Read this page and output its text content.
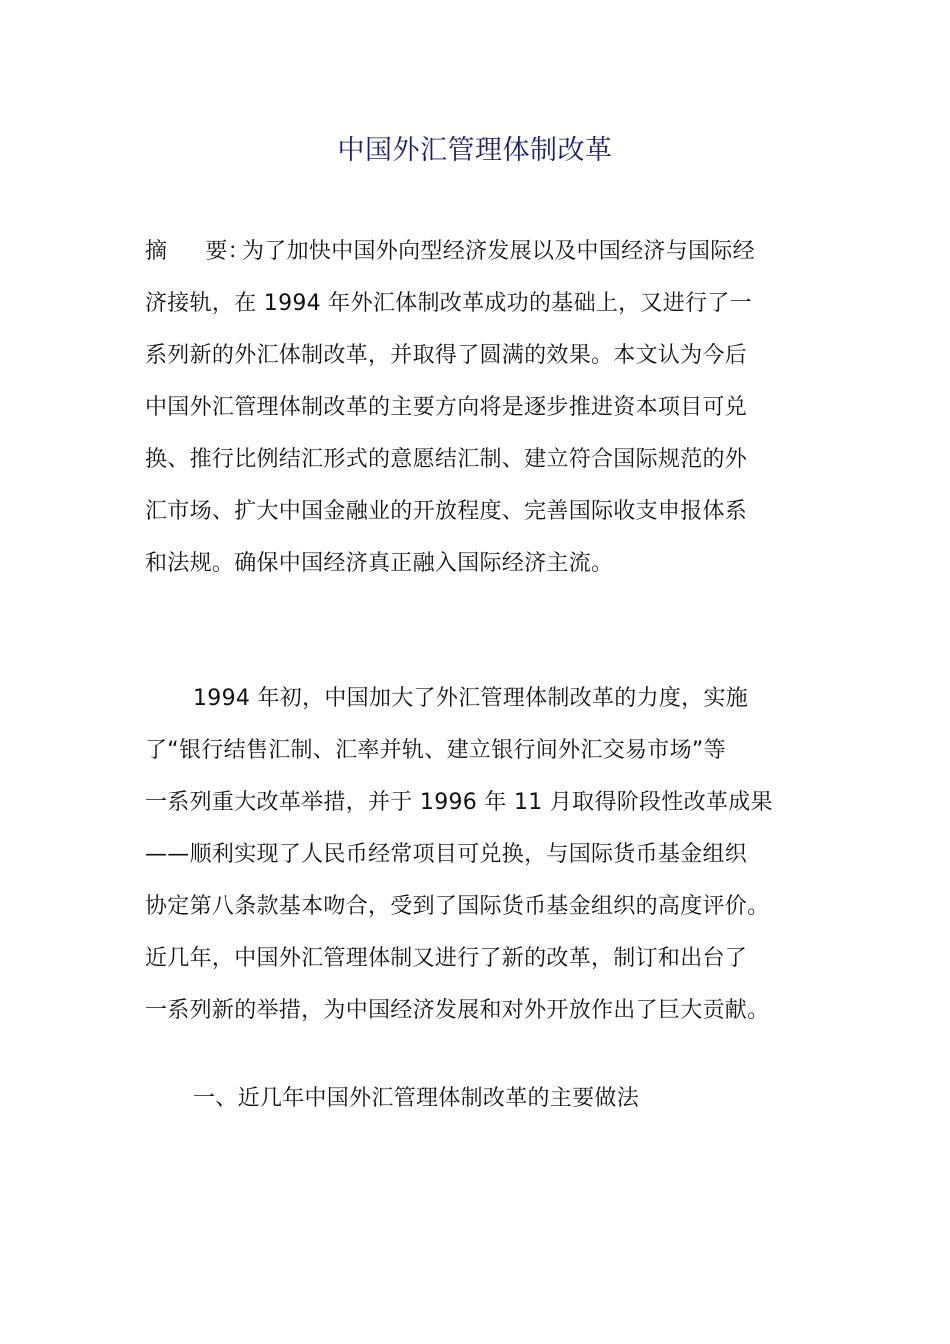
中国外汇管理体制改革
摘 要：为了加快中国外向型经济发展以及中国经济与国际经
济接轨，在 1994 年外汇体制改革成功的基础上，又进行了一
系列新的外汇体制改革，并取得了圆满的效果。本文认为今后
中国外汇管理体制改革的主要方向将是逐步推进资本项目可兑
换、推行比例结汇形式的意愿结汇制、建立符合国际规范的外
汇市场、扩大中国金融业的开放程度、完善国际收支申报体系
和法规。确保中国经济真正融入国际经济主流。
1994 年初，中国加大了外汇管理体制改革的力度，实施
了“银行结售汇制、汇率并轨、建立银行间外汇交易市场”等
一系列重大改革举措，并于 1996 年 11 月取得阶段性改革成果
——顺利实现了人民币经常项目可兑换，与国际货币基金组织
协定第八条款基本吻合，受到了国际货币基金组织的高度评价。
近几年，中国外汇管理体制又进行了新的改革，制订和出台了
一系列新的举措，为中国经济发展和对外开放作出了巨大贡献。
一、近几年中国外汇管理体制改革的主要做法
